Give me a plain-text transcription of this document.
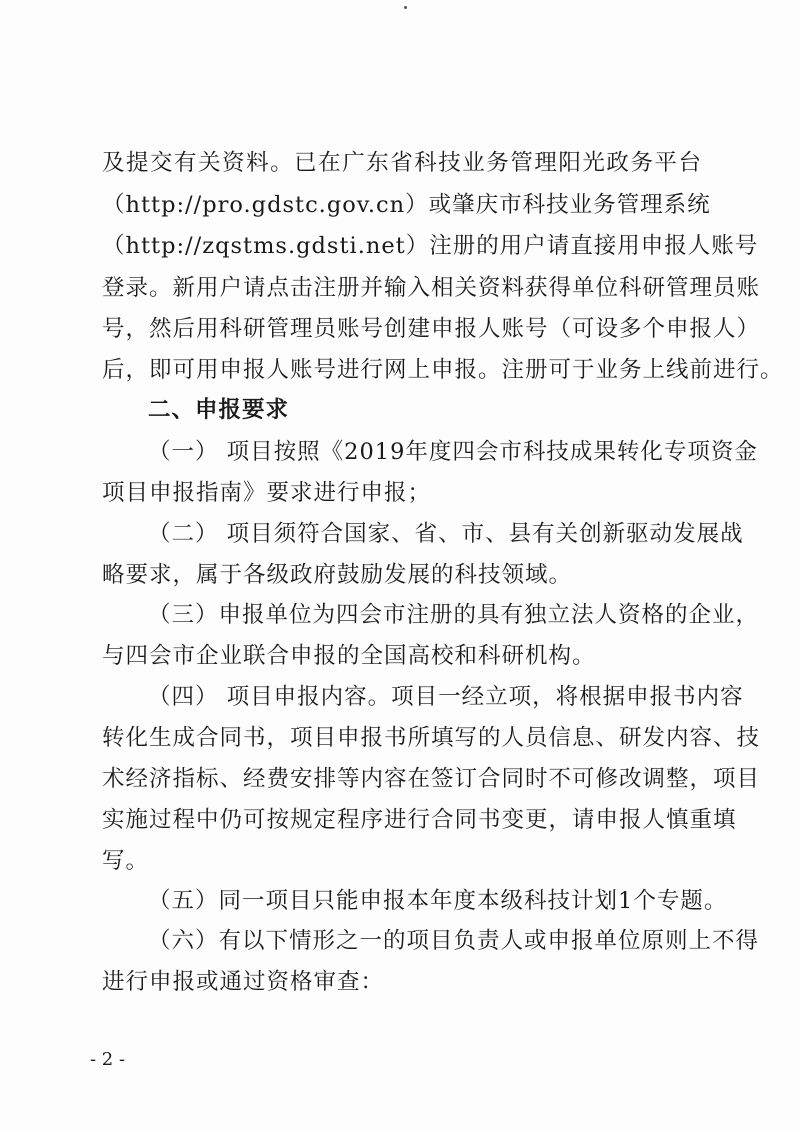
及提交有关资料。已在广东省科技业务管理阳光政务平台
（http://pro.gdstc.gov.cn）或肇庆市科技业务管理系统
（http://zqstms.gdsti.net）注册的用户请直接用申报人账号
登录。新用户请点击注册并输入相关资料获得单位科研管理员账
号，然后用科研管理员账号创建申报人账号（可设多个申报人）
后，即可用申报人账号进行网上申报。注册可于业务上线前进行。
二、申报要求
（一） 项目按照《2019年度四会市科技成果转化专项资金
项目申报指南》要求进行申报；
（二） 项目须符合国家、省、市、县有关创新驱动发展战
略要求，属于各级政府鼓励发展的科技领域。
（三）申报单位为四会市注册的具有独立法人资格的企业，
与四会市企业联合申报的全国高校和科研机构。
（四） 项目申报内容。项目一经立项，将根据申报书内容
转化生成合同书，项目申报书所填写的人员信息、研发内容、技
术经济指标、经费安排等内容在签订合同时不可修改调整，项目
实施过程中仍可按规定程序进行合同书变更，请申报人慎重填
写。
（五）同一项目只能申报本年度本级科技计划1个专题。
（六）有以下情形之一的项目负责人或申报单位原则上不得
进行申报或通过资格审查：
- 2 -
